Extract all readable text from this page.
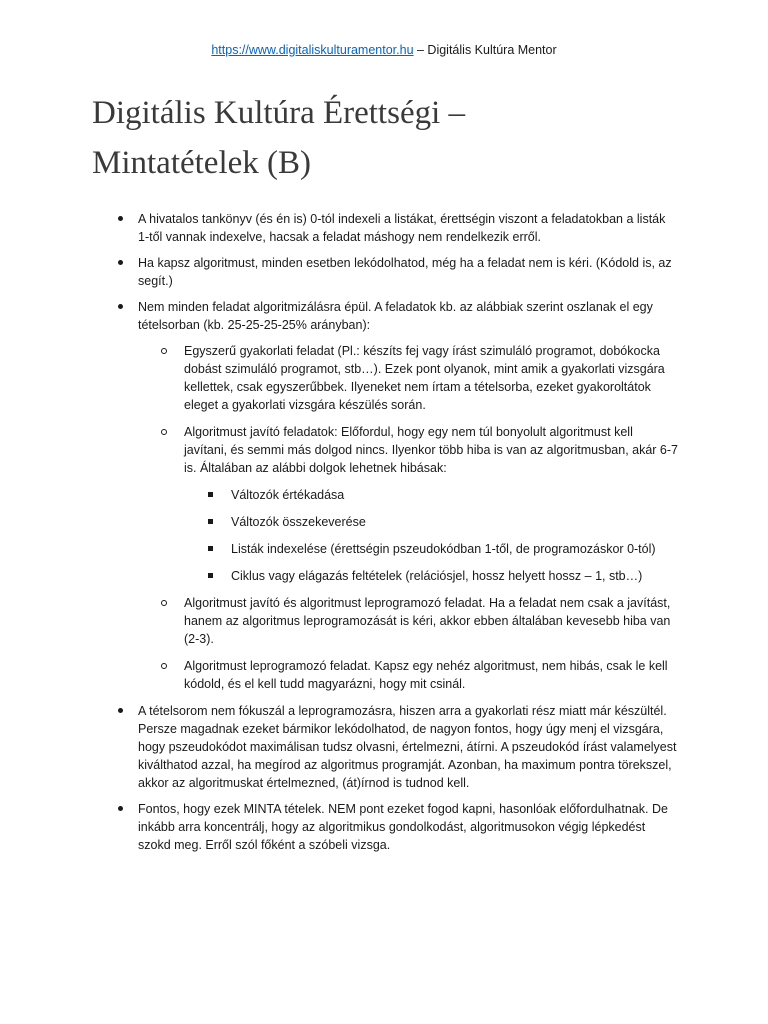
https://www.digitaliskulturamentor.hu – Digitális Kultúra Mentor
Digitális Kultúra Érettségi –
Mintatételek (B)
A hivatalos tankönyv (és én is) 0-tól indexeli a listákat, érettségin viszont a feladatokban a listák 1-től vannak indexelve, hacsak a feladat máshogy nem rendelkezik erről.
Ha kapsz algoritmust, minden esetben lekódolhatod, még ha a feladat nem is kéri. (Kódold is, az segít.)
Nem minden feladat algoritmizálásra épül. A feladatok kb. az alábbiak szerint oszlanak el egy tételsorban (kb. 25-25-25-25% arányban):
Egyszerű gyakorlati feladat (Pl.: készíts fej vagy írást szimuláló programot, dobókocka dobást szimuláló programot, stb…). Ezek pont olyanok, mint amik a gyakorlati vizsgára kellettek, csak egyszerűbbek. Ilyeneket nem írtam a tételsorba, ezeket gyakoroltátok eleget a gyakorlati vizsgára készülés során.
Algoritmust javító feladatok: Előfordul, hogy egy nem túl bonyolult algoritmust kell javítani, és semmi más dolgod nincs. Ilyenkor több hiba is van az algoritmusban, akár 6-7 is. Általában az alábbi dolgok lehetnek hibásak:
Változók értékadása
Változók összekeverése
Listák indexelése (érettségin pszeudokódban 1-től, de programozáskor 0-tól)
Ciklus vagy elágazás feltételek (relációsjel, hossz helyett hossz – 1, stb…)
Algoritmust javító és algoritmust leprogramozó feladat. Ha a feladat nem csak a javítást, hanem az algoritmus leprogramozását is kéri, akkor ebben általában kevesebb hiba van (2-3).
Algoritmust leprogramozó feladat. Kapsz egy nehéz algoritmust, nem hibás, csak le kell kódold, és el kell tudd magyarázni, hogy mit csinál.
A tételsorom nem fókuszál a leprogramozásra, hiszen arra a gyakorlati rész miatt már készültél. Persze magadnak ezeket bármikor lekódolhatod, de nagyon fontos, hogy úgy menj el vizsgára, hogy pszeudokódot maximálisan tudsz olvasni, értelmezni, átírni. A pszeudokód írást valamelyest kiválthatod azzal, ha megírod az algoritmus programját. Azonban, ha maximum pontra törekszel, akkor az algoritmuskat értelmezned, (át)írnod is tudnod kell.
Fontos, hogy ezek MINTA tételek. NEM pont ezeket fogod kapni, hasonlóak előfordulhatnak. De inkább arra koncentrálj, hogy az algoritmikus gondolkodást, algoritmusokon végig lépkedést szokd meg. Erről szól főként a szóbeli vizsga.
